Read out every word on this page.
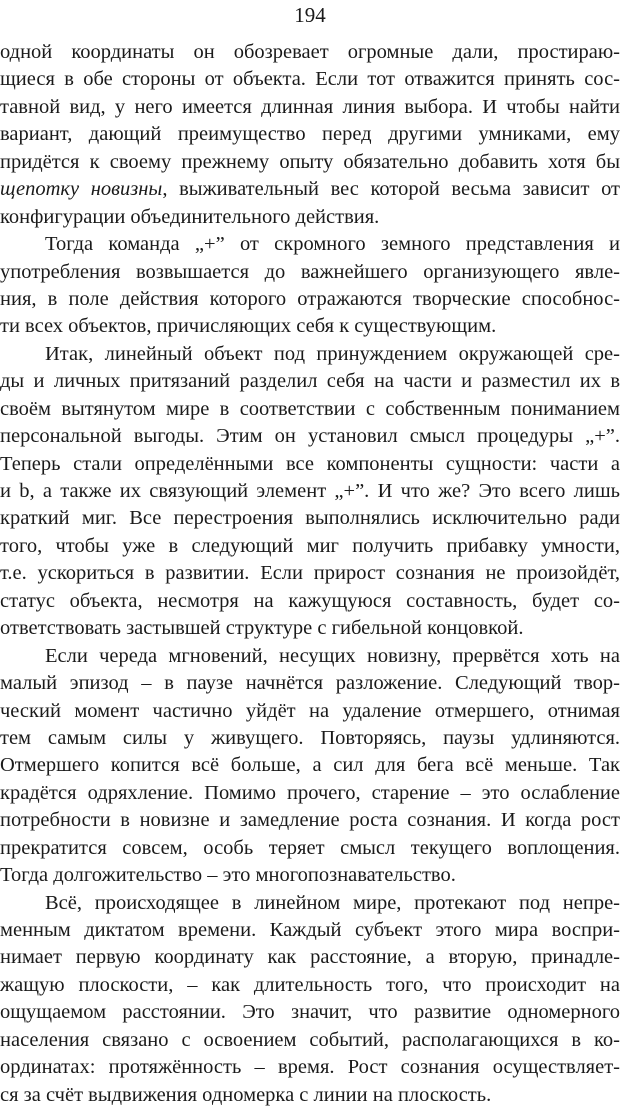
194
одной координаты он обозревает огромные дали, простираю-
щиеся в обе стороны от объекта. Если тот отважится принять сос-
тавной вид, у него имеется длинная линия выбора. И чтобы найти
вариант, дающий преимущество перед другими умниками, ему
придётся к своему прежнему опыту обязательно добавить хотя бы
щепотку новизны, выживательный вес которой весьма зависит от
конфигурации объединительного действия.
Тогда команда „+” от скромного земного представления и
употребления возвышается до важнейшего организующего явле-
ния, в поле действия которого отражаются творческие способнос-
ти всех объектов, причисляющих себя к существующим.
Итак, линейный объект под принуждением окружающей сре-
ды и личных притязаний разделил себя на части и разместил их в
своём вытянутом мире в соответствии с собственным пониманием
персональной выгоды. Этим он установил смысл процедуры „+”.
Теперь стали определёнными все компоненты сущности: части a
и b, а также их связующий элемент „+”. И что же? Это всего лишь
краткий миг. Все перестроения выполнялись исключительно ради
того, чтобы уже в следующий миг получить прибавку умности,
т.е. ускориться в развитии. Если прирост сознания не произойдёт,
статус объекта, несмотря на кажущуюся составность, будет со-
ответствовать застывшей структуре с гибельной концовкой.
Если череда мгновений, несущих новизну, прервётся хоть на
малый эпизод – в паузе начнётся разложение. Следующий твор-
ческий момент частично уйдёт на удаление отмершего, отнимая
тем самым силы у живущего. Повторяясь, паузы удлиняются.
Отмершего копится всё больше, а сил для бега всё меньше. Так
крадётся одряхление. Помимо прочего, старение – это ослабление
потребности в новизне и замедление роста сознания. И когда рост
прекратится совсем, особь теряет смысл текущего воплощения.
Тогда долгожительство – это многопознавательство.
Всё, происходящее в линейном мире, протекают под непре-
менным диктатом времени. Каждый субъект этого мира воспри-
нимает первую координату как расстояние, а вторую, принадле-
жащую плоскости, – как длительность того, что происходит на
ощущаемом расстоянии. Это значит, что развитие одномерного
населения связано с освоением событий, располагающихся в ко-
ординатах: протяжённость – время. Рост сознания осуществляет-
ся за счёт выдвижения одномерка с линии на плоскость.
